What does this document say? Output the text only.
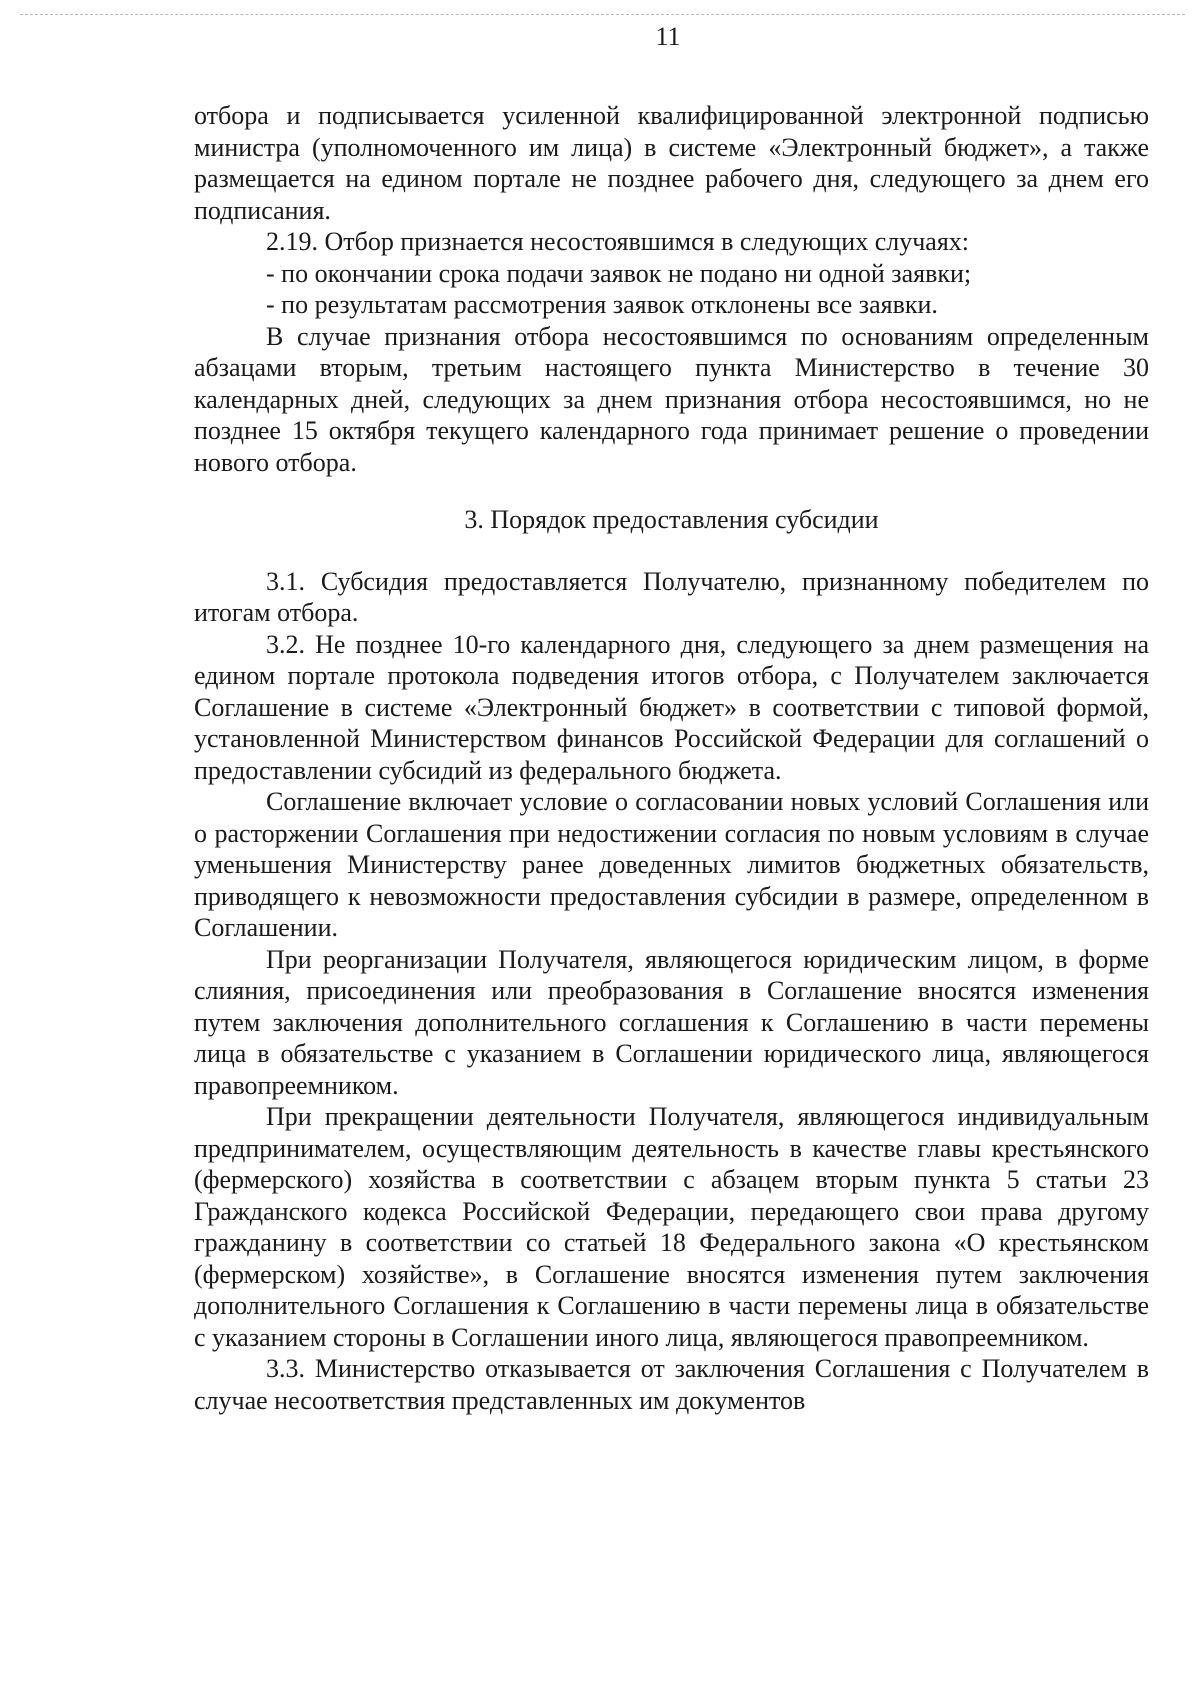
11

отбора и подписывается усиленной квалифицированной электронной подписью министра (уполномоченного им лица) в системе «Электронный бюджет», а также размещается на едином портале не позднее рабочего дня, следующего за днем его подписания.

2.19. Отбор признается несостоявшимся в следующих случаях:

- по окончании срока подачи заявок не подано ни одной заявки;

- по результатам рассмотрения заявок отклонены все заявки.

В случае признания отбора несостоявшимся по основаниям определенным абзацами вторым, третьим настоящего пункта Министерство в течение 30 календарных дней, следующих за днем признания отбора несостоявшимся, но не позднее 15 октября текущего календарного года принимает решение о проведении нового отбора.

3. Порядок предоставления субсидии

3.1. Субсидия предоставляется Получателю, признанному победителем по итогам отбора.

3.2. Не позднее 10-го календарного дня, следующего за днем размещения на едином портале протокола подведения итогов отбора, с Получателем заключается Соглашение в системе «Электронный бюджет» в соответствии с типовой формой, установленной Министерством финансов Российской Федерации для соглашений о предоставлении субсидий из федерального бюджета.

Соглашение включает условие о согласовании новых условий Соглашения или о расторжении Соглашения при недостижении согласия по новым условиям в случае уменьшения Министерству ранее доведенных лимитов бюджетных обязательств, приводящего к невозможности предоставления субсидии в размере, определенном в Соглашении.

При реорганизации Получателя, являющегося юридическим лицом, в форме слияния, присоединения или преобразования в Соглашение вносятся изменения путем заключения дополнительного соглашения к Соглашению в части перемены лица в обязательстве с указанием в Соглашении юридического лица, являющегося правопреемником.

При прекращении деятельности Получателя, являющегося индивидуальным предпринимателем, осуществляющим деятельность в качестве главы крестьянского (фермерского) хозяйства в соответствии с абзацем вторым пункта 5 статьи 23 Гражданского кодекса Российской Федерации, передающего свои права другому гражданину в соответствии со статьей 18 Федерального закона «О крестьянском (фермерском) хозяйстве», в Соглашение вносятся изменения путем заключения дополнительного Соглашения к Соглашению в части перемены лица в обязательстве с указанием стороны в Соглашении иного лица, являющегося правопреемником.

3.3. Министерство отказывается от заключения Соглашения с Получателем в случае несоответствия представленных им документов
